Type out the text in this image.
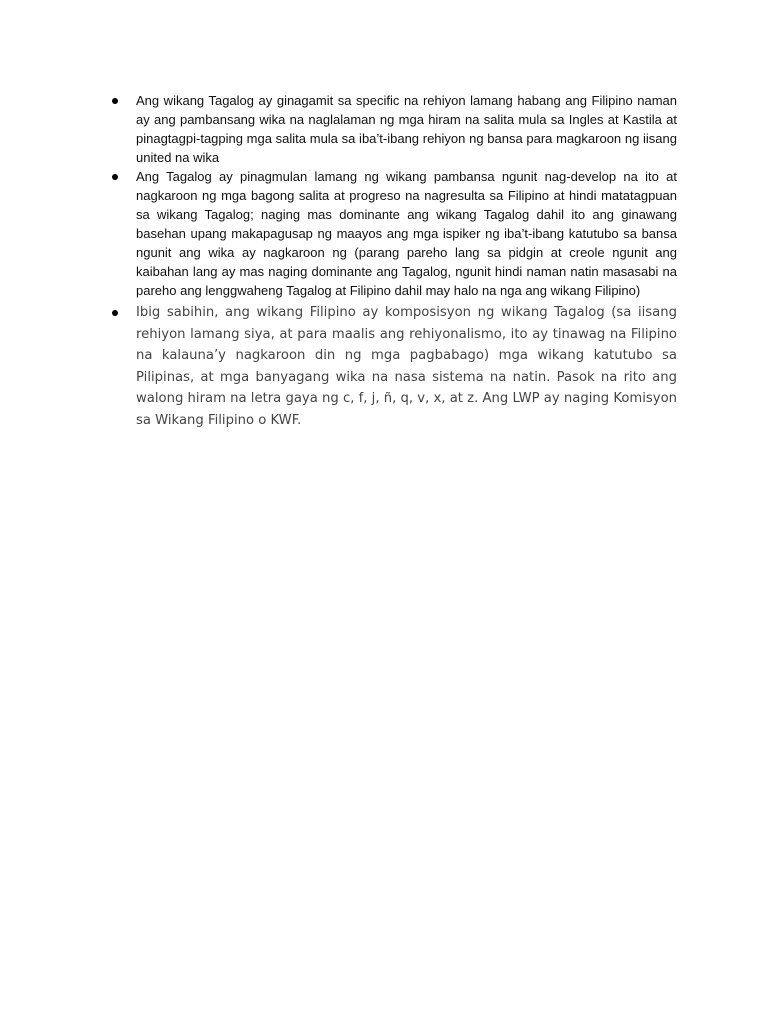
Ang wikang Tagalog ay ginagamit sa specific na rehiyon lamang habang ang Filipino naman ay ang pambansang wika na naglalaman ng mga hiram na salita mula sa Ingles at Kastila at pinagtagpi-tagping mga salita mula sa iba’t-ibang rehiyon ng bansa para magkaroon ng iisang united na wika
Ang Tagalog ay pinagmulan lamang ng wikang pambansa ngunit nag-develop na ito at nagkaroon ng mga bagong salita at progreso na nagresulta sa Filipino at hindi matatagpuan sa wikang Tagalog; naging mas dominante ang wikang Tagalog dahil ito ang ginawang basehan upang makapagusap ng maayos ang mga ispiker ng iba’t-ibang katutubo sa bansa ngunit ang wika ay nagkaroon ng (parang pareho lang sa pidgin at creole ngunit ang kaibahan lang ay mas naging dominante ang Tagalog, ngunit hindi naman natin masasabi na pareho ang lenggwaheng Tagalog at Filipino dahil may halo na nga ang wikang Filipino)
Ibig sabihin, ang wikang Filipino ay komposisyon ng wikang Tagalog (sa iisang rehiyon lamang siya, at para maalis ang rehiyonalismo, ito ay tinawag na Filipino na kalauna’y nagkaroon din ng mga pagbabago) mga wikang katutubo sa Pilipinas, at mga banyagang wika na nasa sistema na natin. Pasok na rito ang walong hiram na letra gaya ng c, f, j, ñ, q, v, x, at z. Ang LWP ay naging Komisyon sa Wikang Filipino o KWF.
